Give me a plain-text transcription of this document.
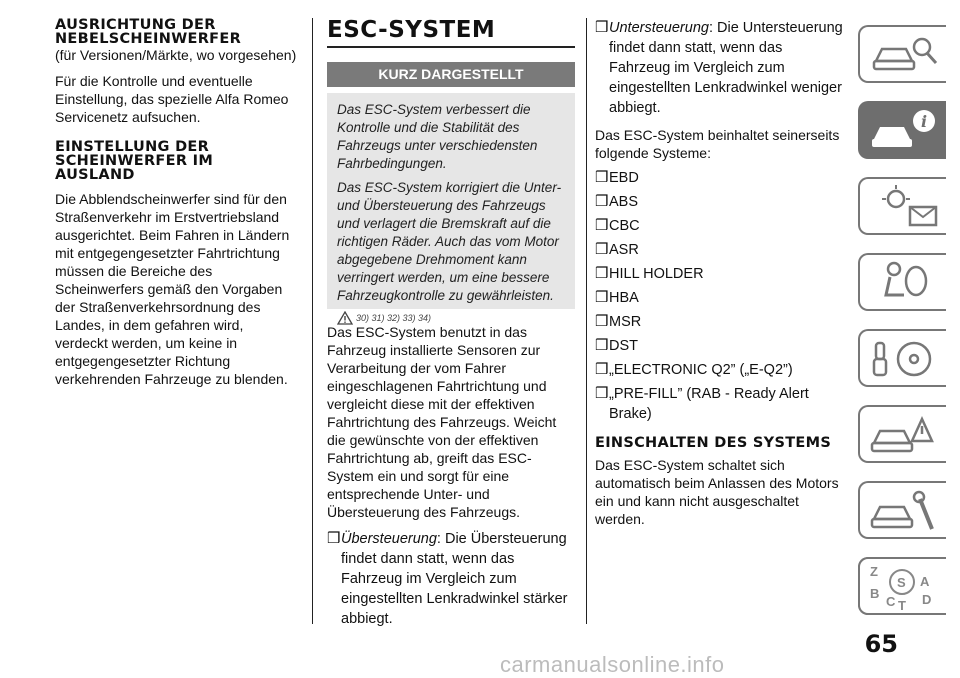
AUSRICHTUNG DER NEBELSCHEINWERFER

(für Versionen/Märkte, wo vorgesehen)

Für die Kontrolle und eventuelle Einstellung, das spezielle Alfa Romeo Servicenetz aufsuchen.

EINSTELLUNG DER SCHEINWERFER IM AUSLAND

Die Abblendscheinwerfer sind für den Straßenverkehr im Erstvertriebsland ausgerichtet. Beim Fahren in Ländern mit entgegengesetzter Fahrtrichtung müssen die Bereiche des Scheinwerfers gemäß den Vorgaben der Straßenverkehrsordnung des Landes, in dem gefahren wird, verdeckt werden, um keine in entgegengesetzter Richtung verkehrenden Fahrzeuge zu blenden.

ESC-SYSTEM
KURZ DARGESTELLT

Das ESC-System verbessert die Kontrolle und die Stabilität des Fahrzeugs unter verschiedensten Fahrbedingungen.

Das ESC-System korrigiert die Unter- und Übersteuerung des Fahrzeugs und verlagert die Bremskraft auf die richtigen Räder. Auch das vom Motor abgegebene Drehmoment kann verringert werden, um eine bessere Fahrzeugkontrolle zu gewährleisten.

30) 31) 32) 33) 34)

Das ESC-System benutzt in das Fahrzeug installierte Sensoren zur Verarbeitung der vom Fahrer eingeschlagenen Fahrtrichtung und vergleicht diese mit der effektiven Fahrtrichtung des Fahrzeugs. Weicht die gewünschte von der effektiven Fahrtrichtung ab, greift das ESC-System ein und sorgt für eine entsprechende Unter- und Übersteuerung des Fahrzeugs.

❒ Übersteuerung: Die Übersteuerung findet dann statt, wenn das Fahrzeug im Vergleich zum eingestellten Lenkradwinkel stärker abbiegt.
❒ Untersteuerung: Die Untersteuerung findet dann statt, wenn das Fahrzeug im Vergleich zum eingestellten Lenkradwinkel weniger abbiegt.

Das ESC-System beinhaltet seinerseits folgende Systeme:

❒ EBD
❒ ABS
❒ CBC
❒ ASR
❒ HILL HOLDER
❒ HBA
❒ MSR
❒ DST
❒ „ELECTRONIC Q2” („E-Q2”)
❒ „PRE-FILL” (RAB - Ready Alert Brake)
EINSCHALTEN DES SYSTEMS

Das ESC-System schaltet sich automatisch beim Anlassen des Motors ein und kann nicht ausgeschaltet werden.

i
Z
S A
B
C T D
65
carmanualsonline.info
